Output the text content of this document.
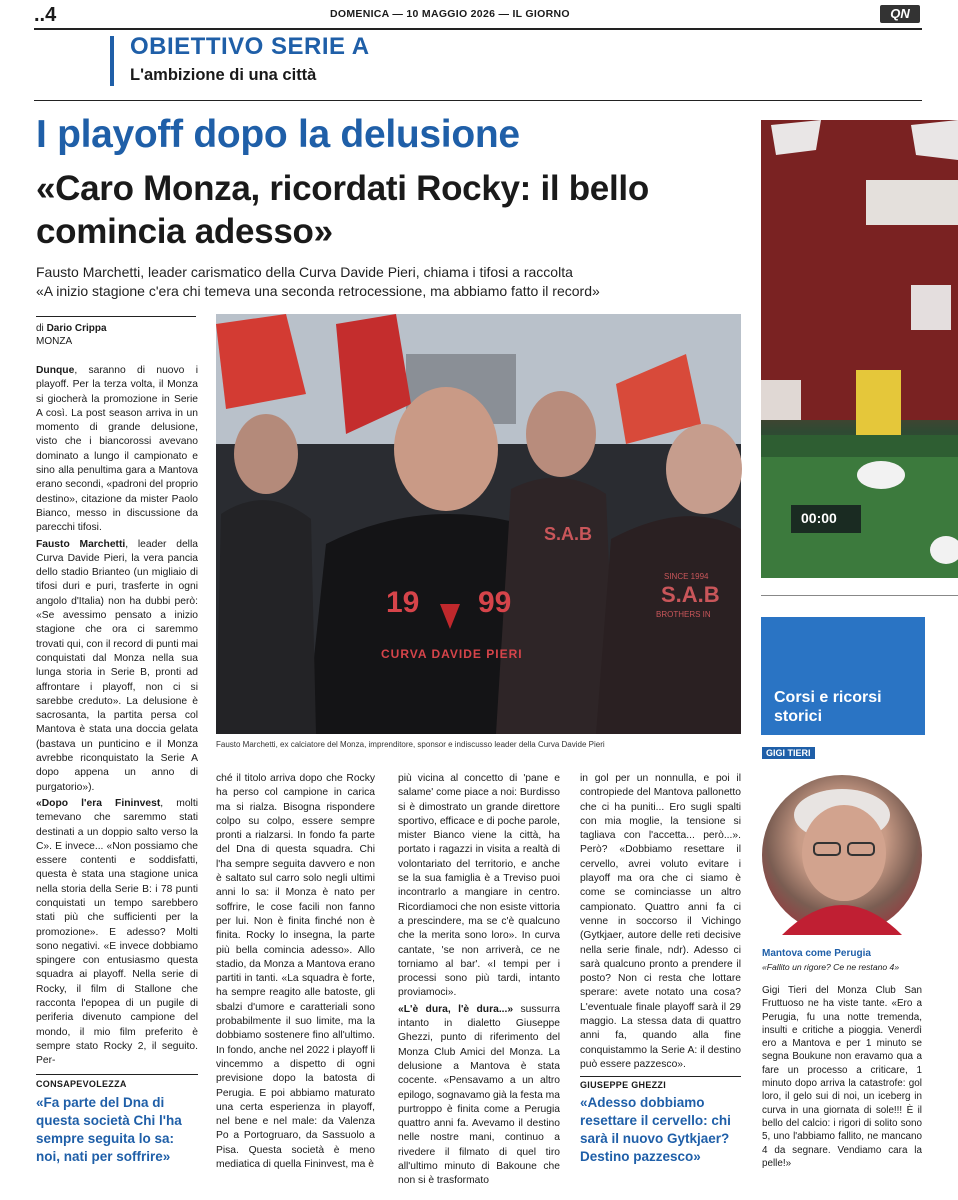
..4	DOMENICA — 10 MAGGIO 2026 — IL GIORNO	QN
OBIETTIVO SERIE A
L'ambizione di una città
I playoff dopo la delusione
«Caro Monza, ricordati Rocky: il bello comincia adesso»
Fausto Marchetti, leader carismatico della Curva Davide Pieri, chiama i tifosi a raccolta
«A inizio stagione c'era chi temeva una seconda retrocessione, ma abbiamo fatto il record»
di Dario Crippa
MONZA

Dunque, saranno di nuovo i playoff. Per la terza volta, il Monza si giocherà la promozione in Serie A così. La post season arriva in un momento di grande delusione, visto che i biancorossi avevano dominato a lungo il campionato e sino alla penultima gara a Mantova erano secondi, «padroni del proprio destino», citazione da mister Paolo Bianco, messo in discussione da parecchi tifosi.

Fausto Marchetti, leader della Curva Davide Pieri, la vera pancia dello stadio Brianteo (un migliaio di tifosi duri e puri, trasferte in ogni angolo d'Italia) non ha dubbi però: «Se avessimo pensato a inizio stagione che ora ci saremmo trovati qui, con il record di punti mai conquistati dal Monza nella sua lunga storia in Serie B, pronti ad affrontare i playoff, non ci si sarebbe creduto». La delusione è sacrosanta, la partita persa col Mantova è stata una doccia gelata (bastava un punticino e il Monza avrebbe riconquistato la Serie A dopo appena un anno di purgatorio»).

«Dopo l'era Fininvest, molti temevano che saremmo stati destinati a un doppio salto verso la C». E invece... «Non possiamo che essere contenti e soddisfatti, questa è stata una stagione unica nella storia della Serie B: i 78 punti conquistati un tempo sarebbero stati più che sufficienti per la promozione». E adesso? Molti sono negativi. «E invece dobbiamo spingere con entusiasmo questa squadra ai playoff. Nella serie di Rocky, il film di Stallone che racconta l'epopea di un pugile di periferia divenuto campione del mondo, il mio film preferito è sempre stato Rocky 2, il seguito. Per-

CONSAPEVOLEZZA
«Fa parte del Dna di questa società Chi l'ha sempre seguita lo sa: noi, nati per soffrire»
19 99
CURVA DAVIDE PIERI
S.A.B
SINCE 1994
S.A.B
BROTHERS IN
Fausto Marchetti, ex calciatore del Monza, imprenditore, sponsor e indiscusso leader della Curva Davide Pieri

ché il titolo arriva dopo che Rocky ha perso col campione in carica ma si rialza. Bisogna rispondere colpo su colpo, essere sempre pronti a rialzarsi. In fondo fa parte del Dna di questa squadra. Chi l'ha sempre seguita davvero e non è saltato sul carro solo negli ultimi anni lo sa: il Monza è nato per soffrire, le cose facili non fanno per lui. Non è finita finché non è finita. Rocky lo insegna, la parte più bella comincia adesso». Allo stadio, da Monza a Mantova erano partiti in tanti. «La squadra è forte, ha sempre reagito alle batoste, gli sbalzi d'umore e caratteriali sono probabilmente il suo limite, ma la dobbiamo sostenere fino all'ultimo. In fondo, anche nel 2022 i playoff li vincemmo a dispetto di ogni previsione dopo la batosta di Perugia. E poi abbiamo maturato una certa esperienza in playoff, nel bene e nel male: da Valenza Po a Portogruaro, da Sassuolo a Pisa. Questa società è meno mediatica di quella Fininvest, ma è

più vicina al concetto di 'pane e salame' come piace a noi: Burdisso si è dimostrato un grande direttore sportivo, efficace e di poche parole, mister Bianco viene la città, ha portato i ragazzi in visita a realtà di volontariato del territorio, e anche se la sua famiglia è a Treviso puoi incontrarlo a mangiare in centro. Ricordiamoci che non esiste vittoria a prescindere, ma se c'è qualcuno che la merita sono loro». In curva cantate, 'se non arriverà, ce ne torniamo al bar'. «I tempi per i processi sono più tardi, intanto proviamoci».

«L'è dura, l'è dura...» sussurra intanto in dialetto Giuseppe Ghezzi, punto di riferimento del Monza Club Amici del Monza. La delusione a Mantova è stata cocente. «Pensavamo a un altro epilogo, sognavamo già la festa ma purtroppo è finita come a Perugia quattro anni fa. Avevamo il destino nelle nostre mani, continuo a rivedere il filmato di quel tiro all'ultimo minuto di Bakoune che non si è trasformato

in gol per un nonnulla, e poi il contropiede del Mantova pallonetto che ci ha puniti... Ero sugli spalti con mia moglie, la tensione si tagliava con l'accetta... però...». Però? «Dobbiamo resettare il cervello, avrei voluto evitare i playoff ma ora che ci siamo è come se cominciasse un altro campionato. Quattro anni fa ci venne in soccorso il Vichingo (Gytkjaer, autore delle reti decisive nella serie finale, ndr). Adesso ci sarà qualcuno pronto a prendere il posto? Non ci resta che lottare sperare: avete notato una cosa? L'eventuale finale playoff sarà il 29 maggio. La stessa data di quattro anni fa, quando alla fine conquistammo la Serie A: il destino può essere pazzesco».

GIUSEPPE GHEZZI
«Adesso dobbiamo resettare il cervello: chi sarà il nuovo Gytkjaer? Destino pazzesco»
00:00
Corsi e ricorsi storici
GIGI TIERI
Mantova come Perugia
«Fallito un rigore? Ce ne restano 4»
Gigi Tieri del Monza Club San Fruttuoso ne ha viste tante. «Ero a Perugia, fu una notte tremenda, insulti e critiche a pioggia. Venerdì ero a Mantova e per 1 minuto se segna Boukune non eravamo qua a fare un processo a criticare, 1 minuto dopo arriva la catastrofe: gol loro, il gelo sui di noi, un iceberg in curva in una giornata di sole!!! È il bello del calcio: i rigori di solito sono 5, uno l'abbiamo fallito, ne mancano 4 da segnare. Vendiamo cara la pelle!»
